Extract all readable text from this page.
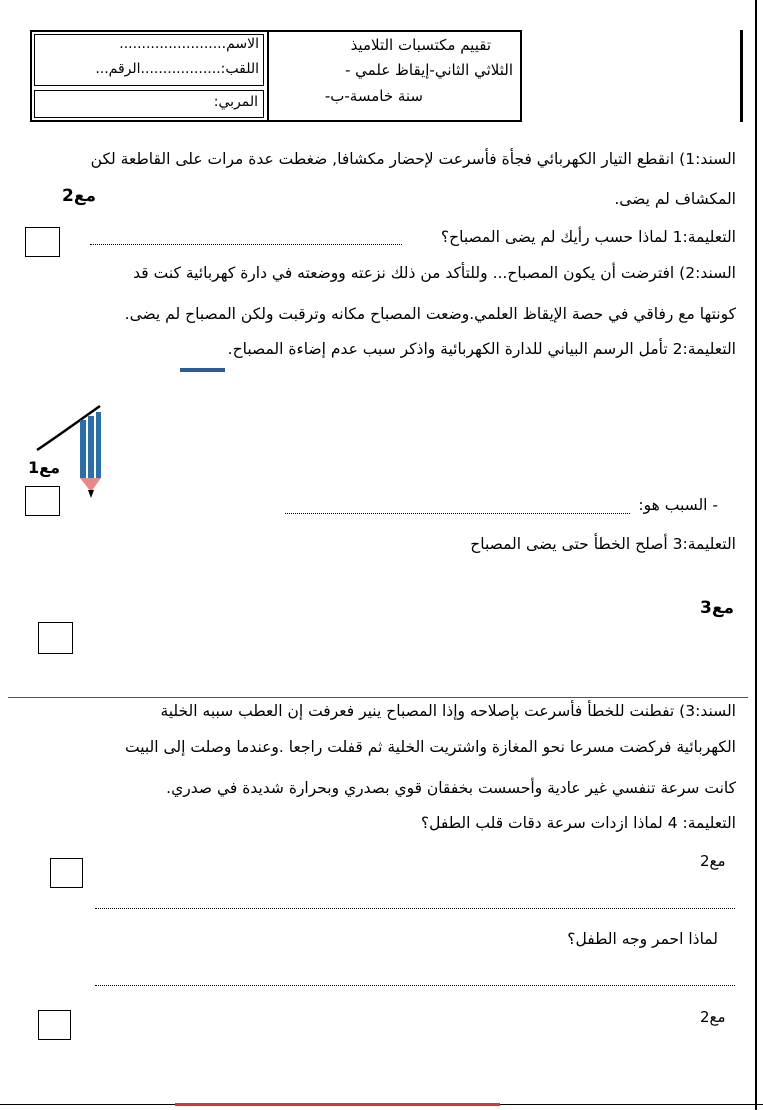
تقييم مكتسبات التلاميذ
الثلاثي الثاني-إيقاظ علمي -
سنة خامسة-ب-
الاسم........................
اللقب:..................الرقم...
المربي:
السند:1) انقطع التيار الكهربائي فجأة فأسرعت لإحضار مكشافا, ضغطت عدة مرات على القاطعة لكن
المكشاف لم يضى.
مع2
التعليمة:1 لماذا حسب رأيك لم يضى المصباح؟
السند:2) افترضت أن يكون المصباح... وللتأكد من ذلك نزعته ووضعته في دارة كهربائية كنت قد
كونتها مع رفاقي في حصة الإيقاظ العلمي.وضعت المصباح مكانه وترقبت ولكن المصباح لم يضى.
التعليمة:2 تأمل الرسم البياني للدارة الكهربائية واذكر سبب عدم إضاءة المصباح.
مع1
- السبب هو:
التعليمة:3 أصلح الخطأ حتى يضى المصباح
مع3
السند:3) تفطنت للخطأ فأسرعت بإصلاحه وإذا المصباح ينير فعرفت إن العطب سببه الخلية
الكهربائية فركضت مسرعا نحو المغازة واشتريت الخلية ثم قفلت راجعا .وعندما وصلت إلى البيت
كانت سرعة تنفسي غير عادية وأحسست بخفقان قوي بصدري وبحرارة شديدة في صدري.
التعليمة: 4 لماذا ازدات سرعة دقات قلب الطفل؟
مع2
لماذا احمر وجه الطفل؟
مع2
